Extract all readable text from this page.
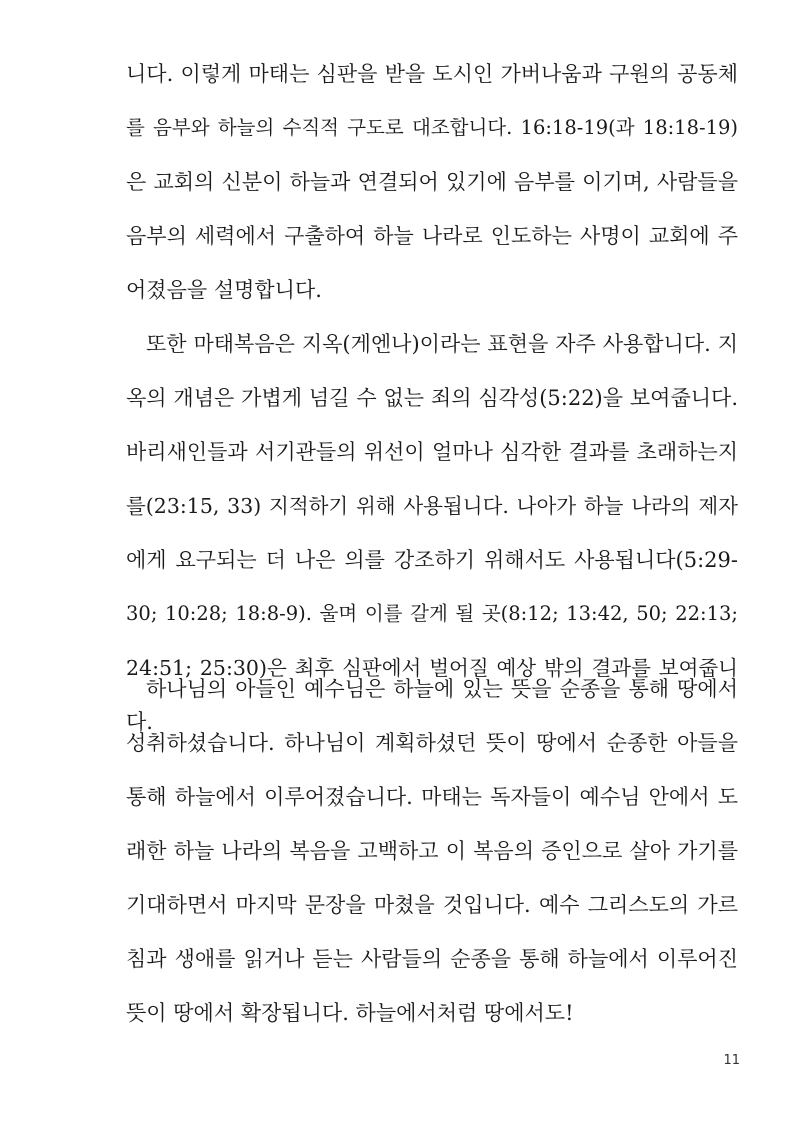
니다. 이렇게 마태는 심판을 받을 도시인 가버나움과 구원의 공동체
를 음부와 하늘의 수직적 구도로 대조합니다. 16:18-19(과 18:18-19)
은 교회의 신분이 하늘과 연결되어 있기에 음부를 이기며, 사람들을
음부의 세력에서 구출하여 하늘 나라로 인도하는 사명이 교회에 주
어졌음을 설명합니다.
또한 마태복음은 지옥(게엔나)이라는 표현을 자주 사용합니다. 지
옥의 개념은 가볍게 넘길 수 없는 죄의 심각성(5:22)을 보여줍니다.
바리새인들과 서기관들의 위선이 얼마나 심각한 결과를 초래하는지
를(23:15, 33) 지적하기 위해 사용됩니다. 나아가 하늘 나라의 제자
에게 요구되는 더 나은 의를 강조하기 위해서도 사용됩니다(5:29-
30; 10:28; 18:8-9). 울며 이를 갈게 될 곳(8:12; 13:42, 50; 22:13;
24:51; 25:30)은 최후 심판에서 벌어질 예상 밖의 결과를 보여줍니
다.
하나님의 아들인 예수님은 하늘에 있는 뜻을 순종을 통해 땅에서
성취하셨습니다. 하나님이 계획하셨던 뜻이 땅에서 순종한 아들을
통해 하늘에서 이루어졌습니다. 마태는 독자들이 예수님 안에서 도
래한 하늘 나라의 복음을 고백하고 이 복음의 증인으로 살아 가기를
기대하면서 마지막 문장을 마쳤을 것입니다. 예수 그리스도의 가르
침과 생애를 읽거나 듣는 사람들의 순종을 통해 하늘에서 이루어진
뜻이 땅에서 확장됩니다. 하늘에서처럼 땅에서도!
11
